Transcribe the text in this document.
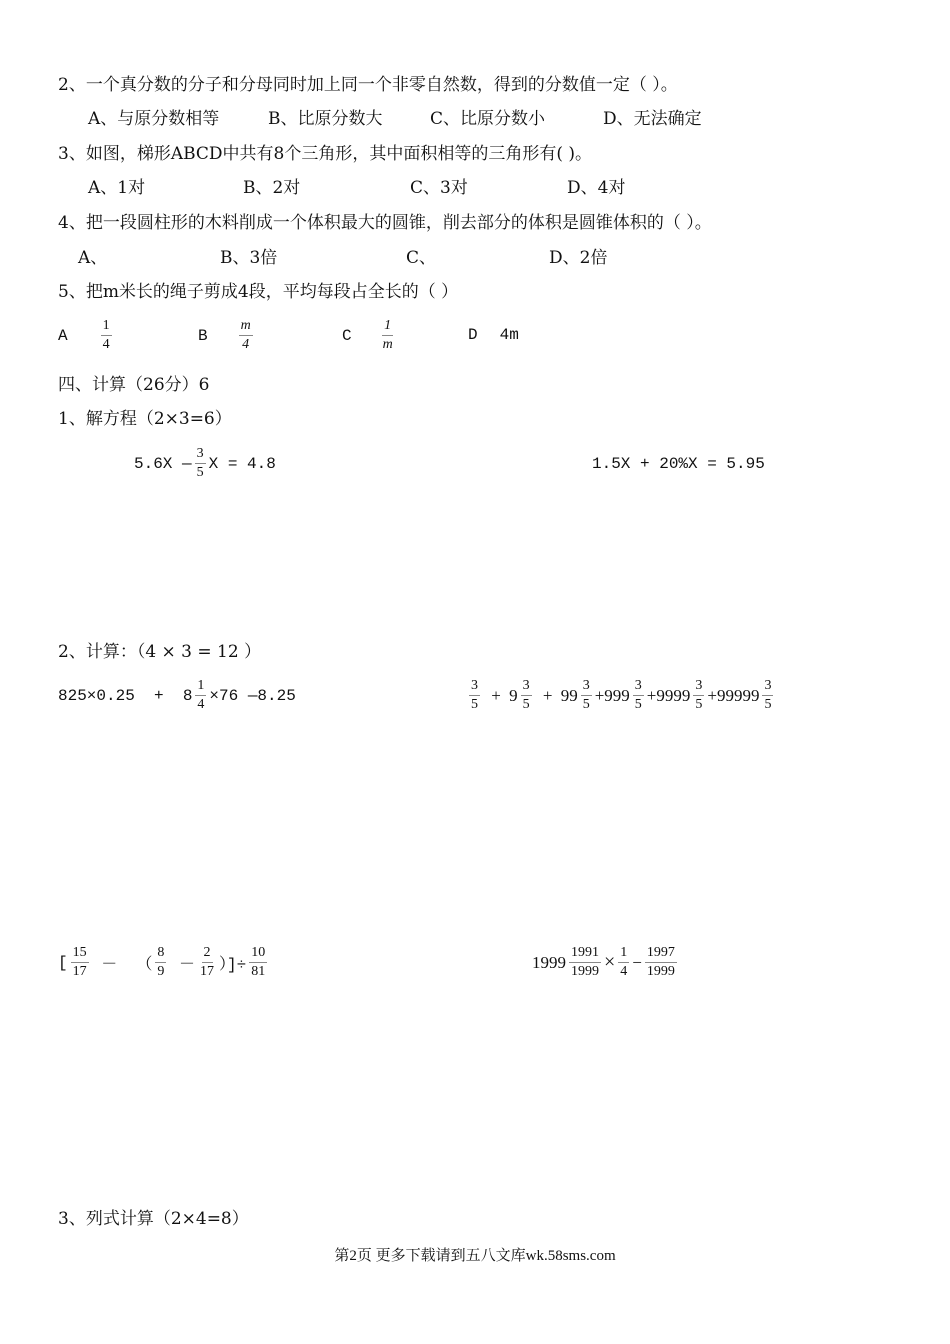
2、一个真分数的分子和分母同时加上同一个非零自然数，得到的分数值一定（ ）。
A、与原分数相等	B、比原分数大	C、比原分数小	D、无法确定
3、如图，梯形ABCD中共有8个三角形，其中面积相等的三角形有( )。
A、1对	B、2对	C、3对	D、4对
4、把一段圆柱形的木料削成一个体积最大的圆锥，削去部分的体积是圆锥体积的（ ）。
A、	B、3倍	C、	D、2倍
5、把m米长的绳子剪成4段，平均每段占全长的（ ）
A $\frac{1}{4}$	B $\frac{m}{4}$	C $\frac{1}{m}$	D 4m
四、计算（26分）6
1、解方程（2×3=6）
5.6X — $\frac{3}{5}$ X = 4.8	1.5X + 20%X = 5.95
2、计算：（4 × 3 = 12 ）
$825\times 0.25 + 8 \frac{1}{4} \times 76$ —8.25	$\frac{3}{5} + 9 \frac{3}{5} + 99 \frac{3}{5} + 999 \frac{3}{5} + 9999 \frac{3}{5} + 99999 \frac{3}{5}$
[ $\frac{15}{17}$ －  （ $\frac{8}{9} - \frac{2}{17}$ ）]÷ $\frac{10}{81}$	$1999 \frac{1991}{1999} \times \frac{1}{4} - \frac{1997}{1999}$
3、列式计算（2×4=8）
第2页 更多下载请到五八文库wk.58sms.com
